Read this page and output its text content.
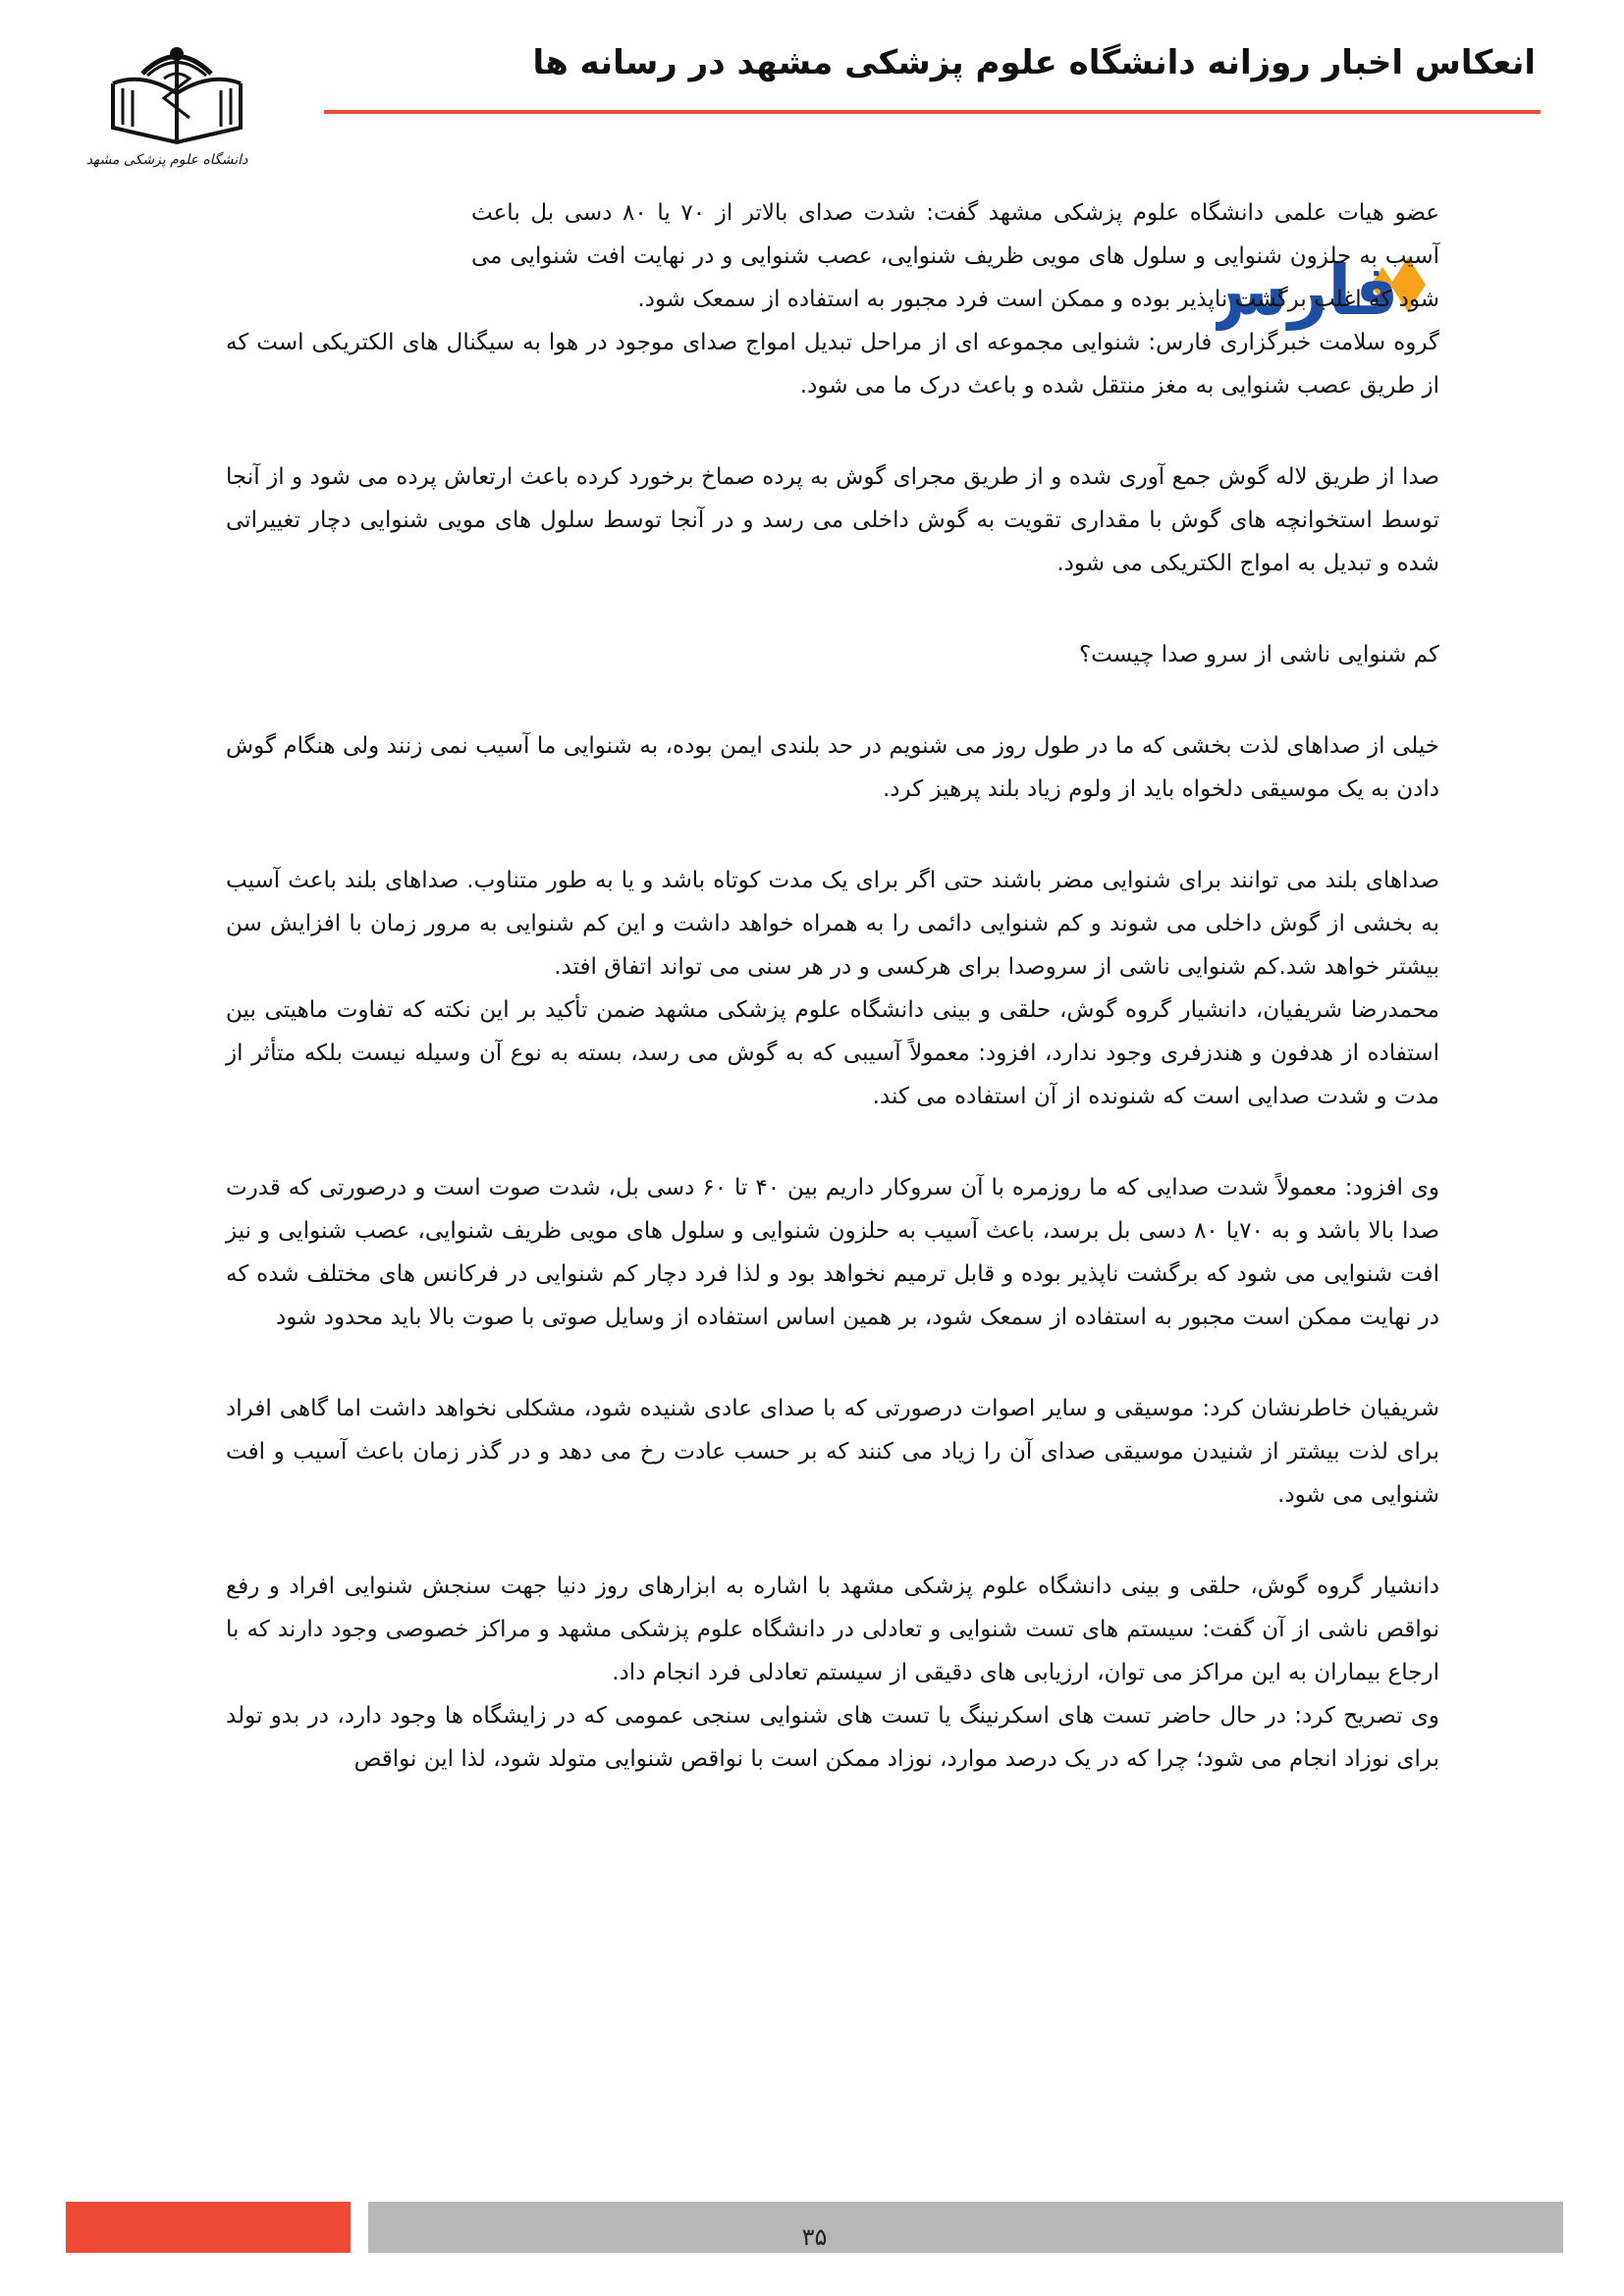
دانشگاه علوم پزشکی مشهد
انعکاس اخبار روزانه دانشگاه علوم پزشکی مشهد در رسانه ها
فارس

عضو هیات علمی دانشگاه علوم پزشکی مشهد گفت: شدت صدای بالاتر از ۷۰ یا ۸۰ دسی بل باعث آسیب به حلزون شنوایی و سلول های مویی ظریف شنوایی، عصب شنوایی و در نهایت افت شنوایی می شود که اغلب برگشت ناپذیر بوده و ممکن است فرد مجبور به استفاده از سمعک شود.

گروه سلامت خبرگزاری فارس: شنوایی مجموعه ای از مراحل تبدیل امواج صدای موجود در هوا به سیگنال های الکتریکی است که از طریق عصب شنوایی به مغز منتقل شده و باعث درک ما می شود.

صدا از طریق لاله گوش جمع آوری شده و از طریق مجرای گوش به پرده صماخ برخورد کرده باعث ارتعاش پرده می شود و از آنجا توسط استخوانچه های گوش با مقداری تقویت به گوش داخلی می رسد و در آنجا توسط سلول های مویی شنوایی دچار تغییراتی شده و تبدیل به امواج الکتریکی می شود.

کم شنوایی ناشی از سرو صدا چیست؟

خیلی از صداهای لذت بخشی که ما در طول روز می شنویم در حد بلندی ایمن بوده، به شنوایی ما آسیب نمی زنند ولی هنگام گوش دادن به یک موسیقی دلخواه باید از ولوم زیاد بلند پرهیز کرد.

صداهای بلند می توانند برای شنوایی مضر باشند حتی اگر برای یک مدت کوتاه باشد و یا به طور متناوب. صداهای بلند باعث آسیب به بخشی از گوش داخلی می شوند و کم شنوایی دائمی را به همراه خواهد داشت و این کم شنوایی به مرور زمان با افزایش سن بیشتر خواهد شد.کم شنوایی ناشی از سروصدا برای هرکسی و در هر سنی می تواند اتفاق افتد.

محمدرضا شریفیان، دانشیار گروه گوش، حلقی و بینی دانشگاه علوم پزشکی مشهد ضمن تأکید بر این نکته که تفاوت ماهیتی بین استفاده از هدفون و هندزفری وجود ندارد، افزود: معمولاً آسیبی که به گوش می رسد، بسته به نوع آن وسیله نیست بلکه متأثر از مدت و شدت صدایی است که شنونده از آن استفاده می کند.

وی افزود: معمولاً شدت صدایی که ما روزمره با آن سروکار داریم بین ۴۰ تا ۶۰ دسی بل، شدت صوت است و درصورتی که قدرت صدا بالا باشد و به ۷۰یا ۸۰ دسی بل برسد، باعث آسیب به حلزون شنوایی و سلول های مویی ظریف شنوایی، عصب شنوایی و نیز افت شنوایی می شود که برگشت ناپذیر بوده و قابل ترمیم نخواهد بود و لذا فرد دچار کم شنوایی در فرکانس های مختلف شده که در نهایت ممکن است مجبور به استفاده از سمعک شود، بر همین اساس استفاده از وسایل صوتی با صوت بالا باید محدود شود

شریفیان خاطرنشان کرد: موسیقی و سایر اصوات درصورتی که با صدای عادی شنیده شود، مشکلی نخواهد داشت اما گاهی افراد برای لذت بیشتر از شنیدن موسیقی صدای آن را زیاد می کنند که بر حسب عادت رخ می دهد و در گذر زمان باعث آسیب و افت شنوایی می شود.

دانشیار گروه گوش، حلقی و بینی دانشگاه علوم پزشکی مشهد با اشاره به ابزارهای روز دنیا جهت سنجش شنوایی افراد و رفع نواقص ناشی از آن گفت: سیستم های تست شنوایی و تعادلی در دانشگاه علوم پزشکی مشهد و مراکز خصوصی وجود دارند که با ارجاع بیماران به این مراکز می توان، ارزیابی های دقیقی از سیستم تعادلی فرد انجام داد.

وی تصریح کرد: در حال حاضر تست های اسکرنینگ یا تست های شنوایی سنجی عمومی که در زایشگاه ها وجود دارد، در بدو تولد برای نوزاد انجام می شود؛ چرا که در یک درصد موارد، نوزاد ممکن است با نواقص شنوایی متولد شود، لذا این نواقص

۳۵
